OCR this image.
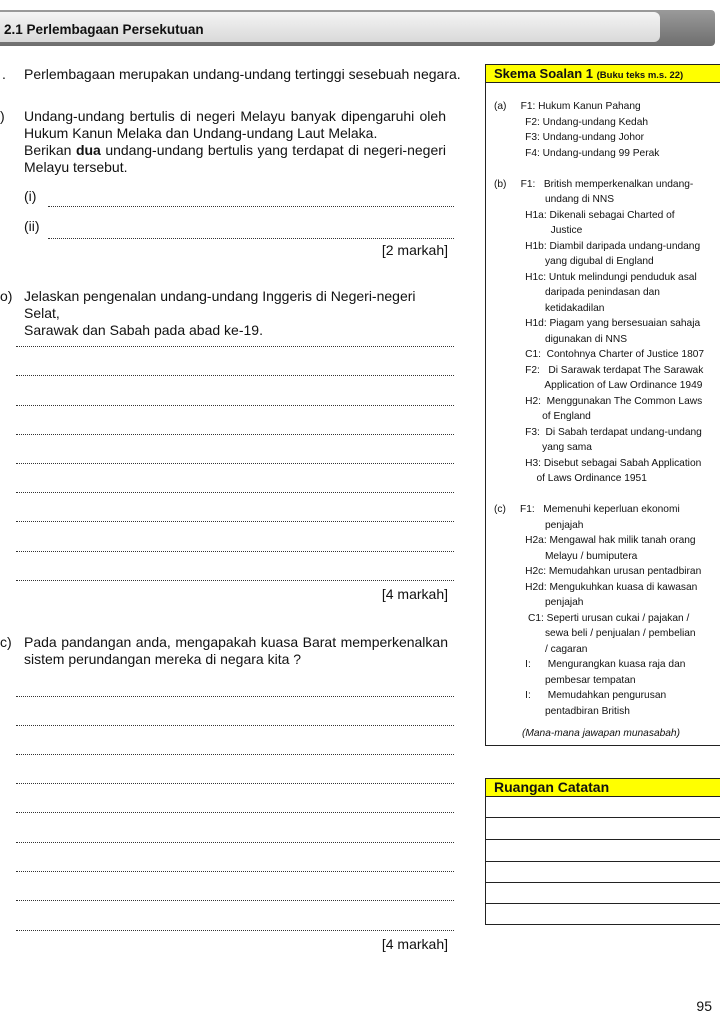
2.1 Perlembagaan Persekutuan
. Perlembagaan merupakan undang-undang tertinggi sesebuah negara.
) Undang-undang bertulis di negeri Melayu banyak dipengaruhi oleh
Hukum Kanun Melaka dan Undang-undang Laut Melaka.
Berikan dua undang-undang bertulis yang terdapat di negeri-negeri
Melayu tersebut.
(i)
(ii)
[2 markah]
o) Jelaskan pengenalan undang-undang Inggeris di Negeri-negeri Selat,
Sarawak dan Sabah pada abad ke-19.
[4 markah]
c) Pada pandangan anda, mengapakah kuasa Barat memperkenalkan
sistem perundangan mereka di negara kita ?
[4 markah]
Skema Soalan 1 (Buku teks m.s. 22)
(a)     F1: Hukum Kanun Pahang
F2: Undang-undang Kedah
F3: Undang-undang Johor
F4: Undang-undang 99 Perak
(b)     F1:   British memperkenalkan undang-
undang di NNS
H1a: Dikenali sebagai Charted of
Justice
H1b: Diambil daripada undang-undang
yang digubal di England
H1c: Untuk melindungi penduduk asal
daripada penindasan dan
ketidakadilan
H1d: Piagam yang bersesuaian sahaja
digunakan di NNS
C1:  Contohnya Charter of Justice 1807
F2:   Di Sarawak terdapat The Sarawak
Application of Law Ordinance 1949
H2:  Menggunakan The Common Laws
of England
F3:  Di Sabah terdapat undang-undang
yang sama
H3: Disebut sebagai Sabah Application
of Laws Ordinance 1951
(c)     F1:   Memenuhi keperluan ekonomi
penjajah
H2a: Mengawal hak milik tanah orang
Melayu / bumiputera
H2c: Memudahkan urusan pentadbiran
H2d: Mengukuhkan kuasa di kawasan
penjajah
C1: Seperti urusan cukai / pajakan /
sewa beli / penjualan / pembelian
/ cagaran
I:      Mengurangkan kuasa raja dan
pembesar tempatan
I:      Memudahkan pengurusan
pentadbiran British
(Mana-mana jawapan munasabah)
Ruangan Catatan
95
